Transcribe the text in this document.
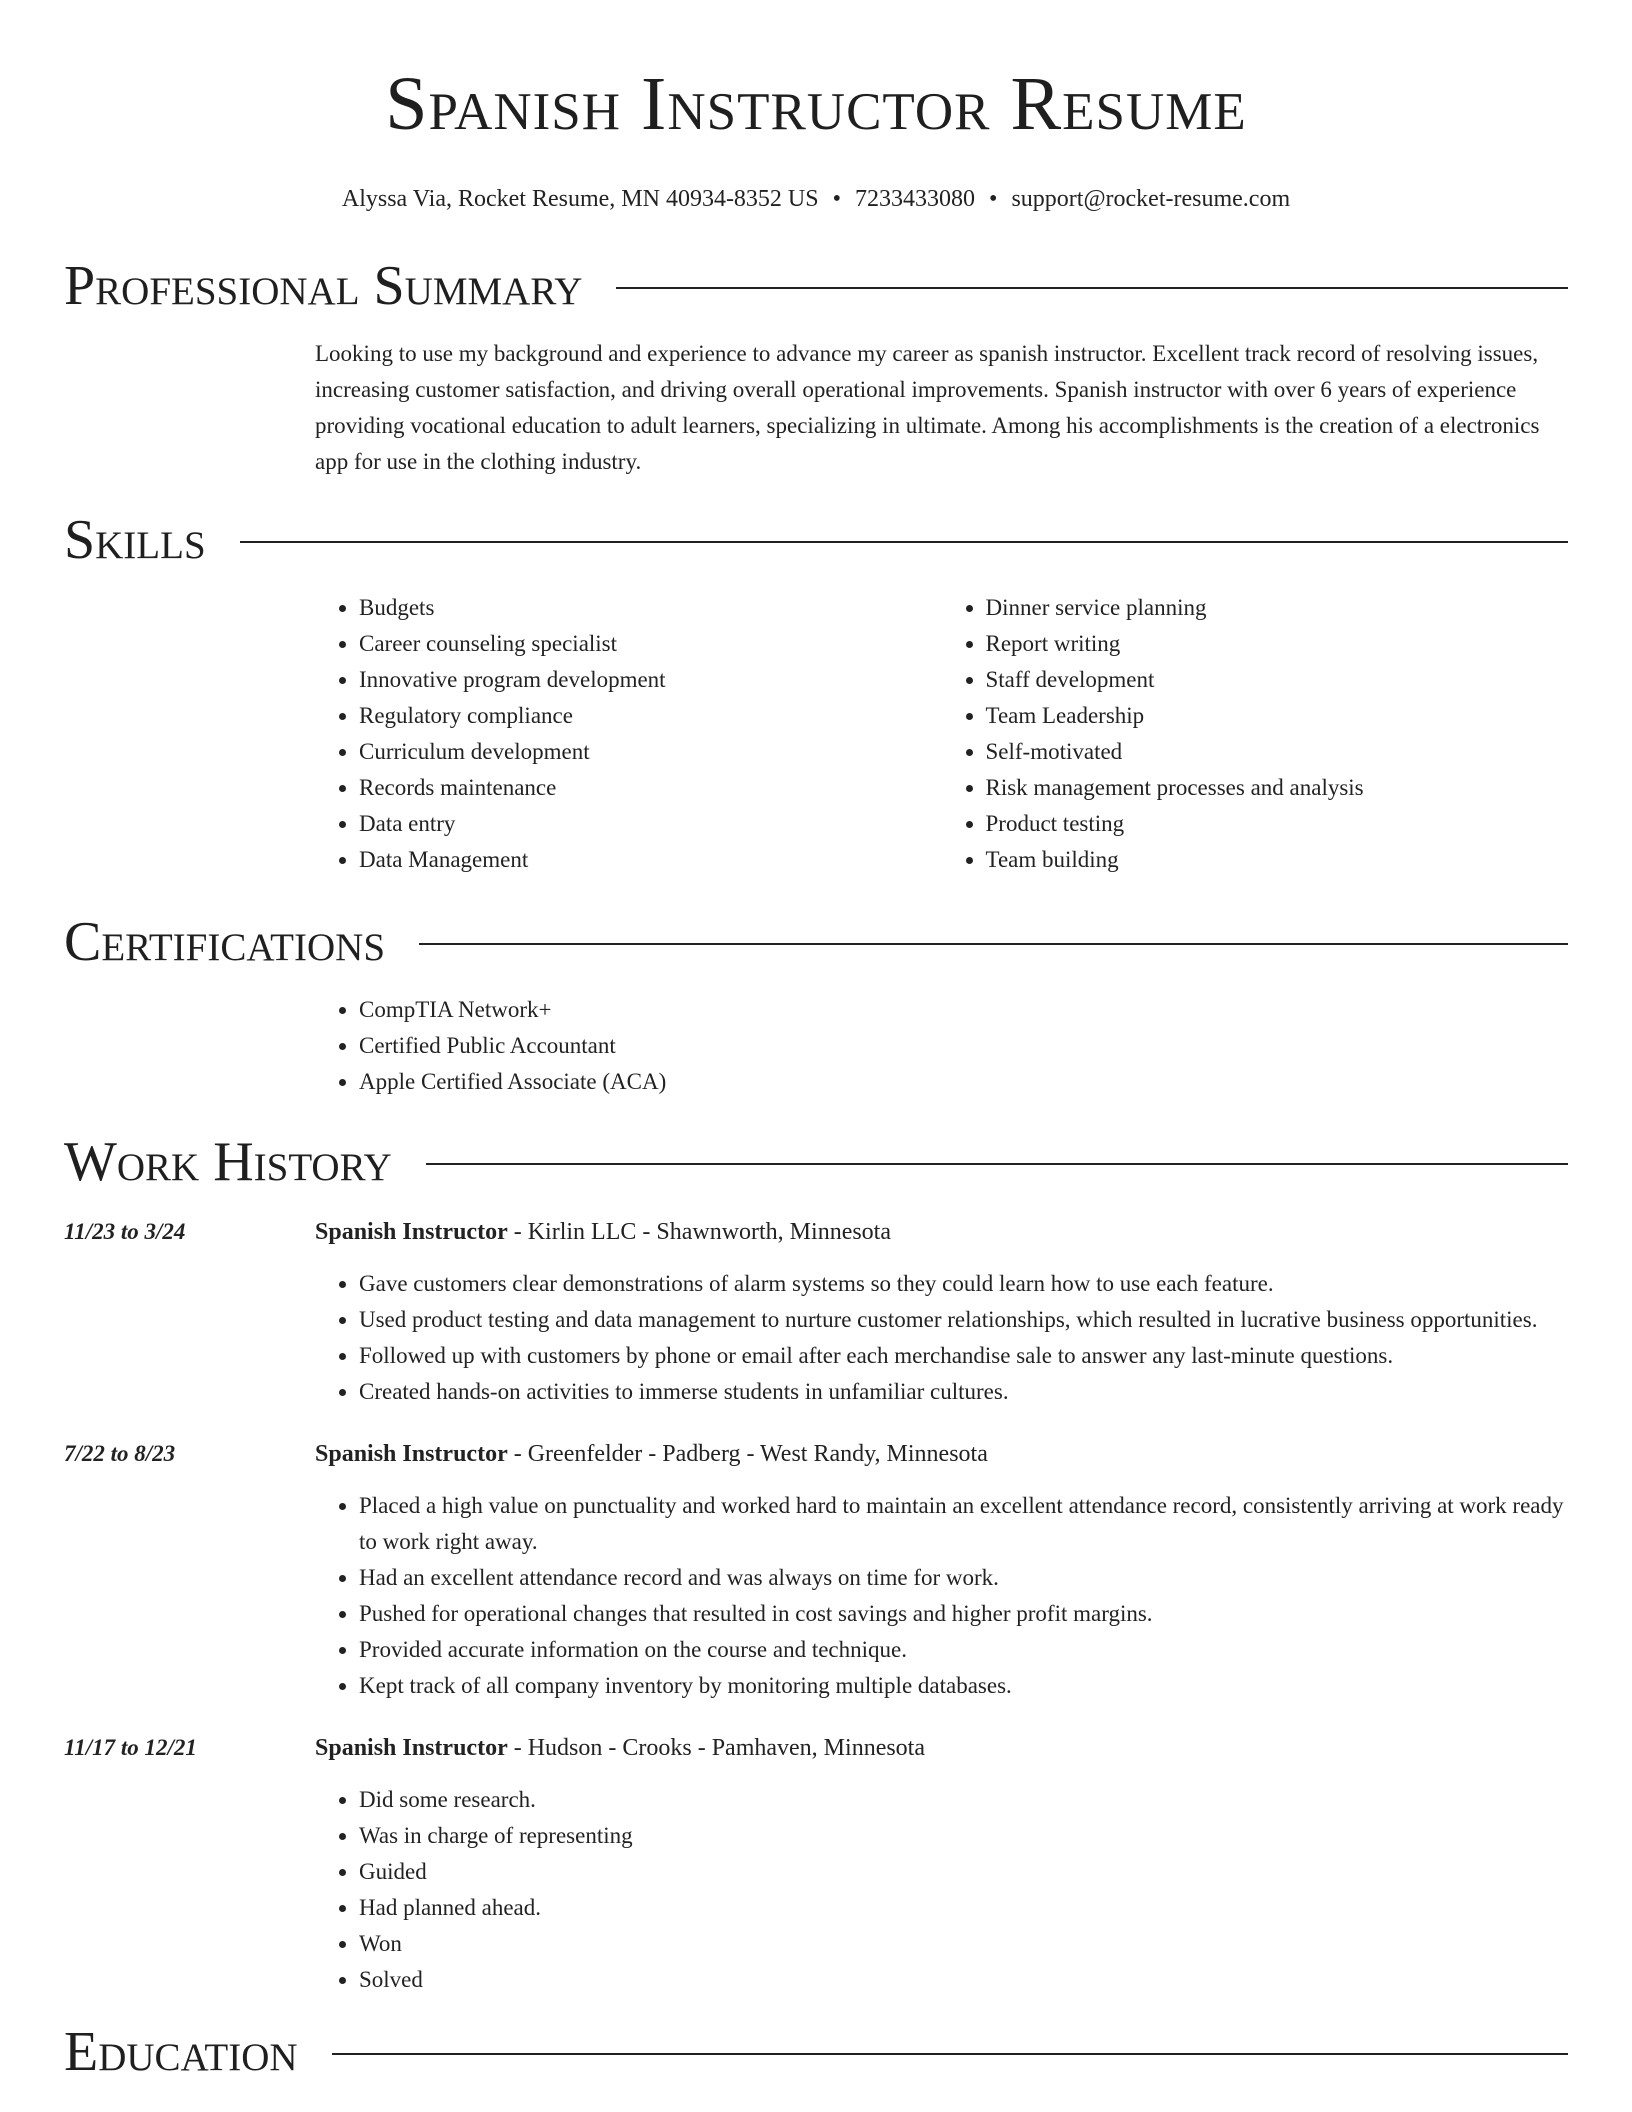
Spanish Instructor Resume
Alyssa Via, Rocket Resume, MN 40934-8352 US • 7233433080 • support@rocket-resume.com
Professional Summary

Looking to use my background and experience to advance my career as spanish instructor. Excellent track record of resolving issues, increasing customer satisfaction, and driving overall operational improvements. Spanish instructor with over 6 years of experience providing vocational education to adult learners, specializing in ultimate. Among his accomplishments is the creation of a electronics app for use in the clothing industry.

Skills
• Budgets
• Career counseling specialist
• Innovative program development
• Regulatory compliance
• Curriculum development
• Records maintenance
• Data entry
• Data Management
• Dinner service planning
• Report writing
• Staff development
• Team Leadership
• Self-motivated
• Risk management processes and analysis
• Product testing
• Team building
Certifications
• CompTIA Network+
• Certified Public Accountant
• Apple Certified Associate (ACA)
Work History
11/23 to 3/24	Spanish Instructor - Kirlin LLC - Shawnworth, Minnesota
• Gave customers clear demonstrations of alarm systems so they could learn how to use each feature.
• Used product testing and data management to nurture customer relationships, which resulted in lucrative business opportunities.
• Followed up with customers by phone or email after each merchandise sale to answer any last-minute questions.
• Created hands-on activities to immerse students in unfamiliar cultures.
7/22 to 8/23	Spanish Instructor - Greenfelder - Padberg - West Randy, Minnesota
• Placed a high value on punctuality and worked hard to maintain an excellent attendance record, consistently arriving at work ready to work right away.
• Had an excellent attendance record and was always on time for work.
• Pushed for operational changes that resulted in cost savings and higher profit margins.
• Provided accurate information on the course and technique.
• Kept track of all company inventory by monitoring multiple databases.
11/17 to 12/21	Spanish Instructor - Hudson - Crooks - Pamhaven, Minnesota
• Did some research.
• Was in charge of representing
• Guided
• Had planned ahead.
• Won
• Solved
Education
